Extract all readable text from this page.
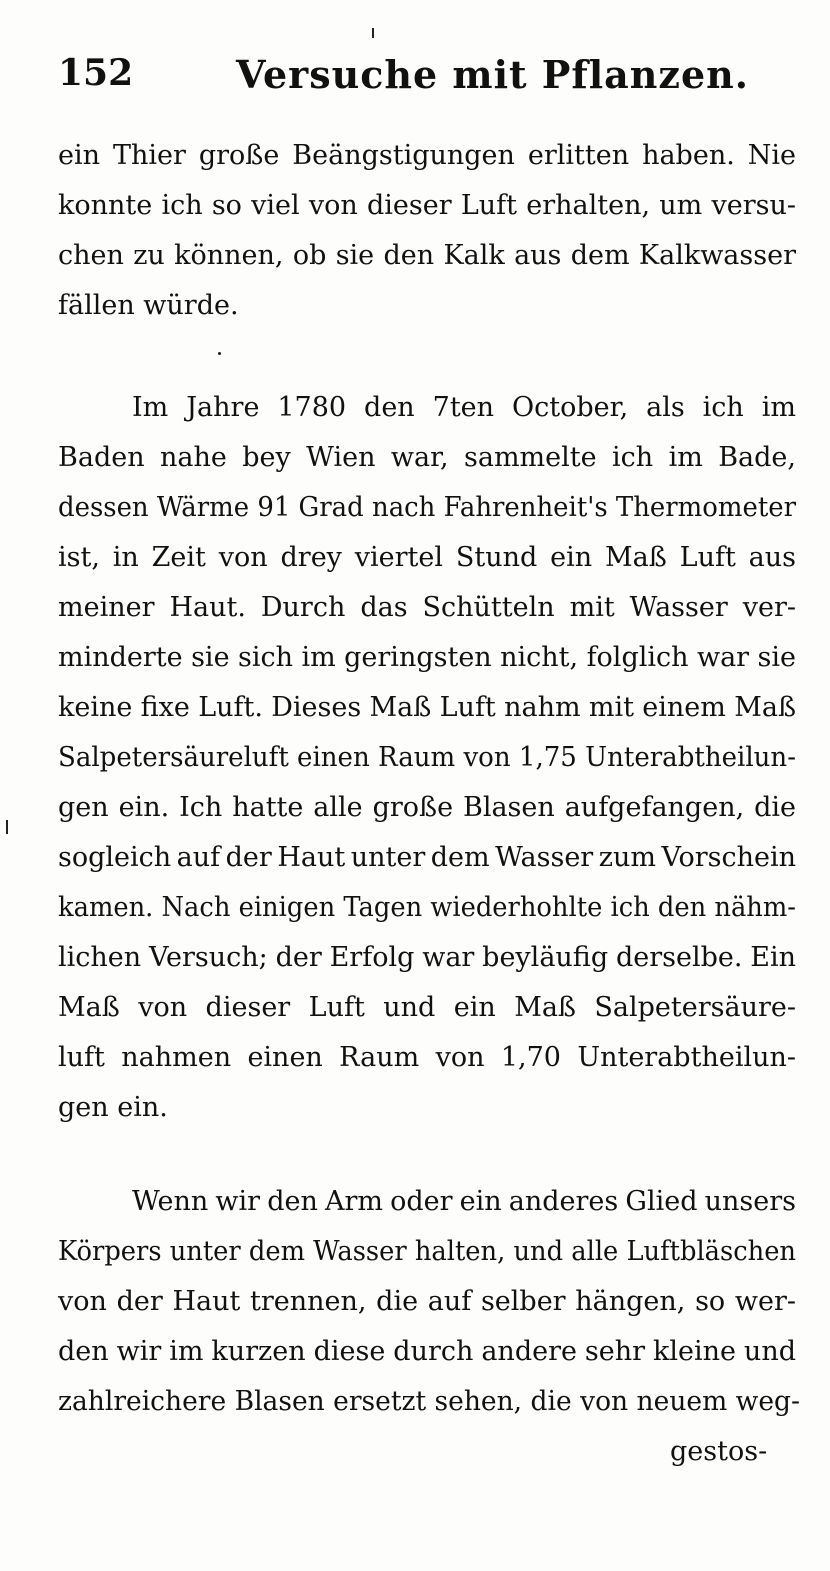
152	Versuche mit Pflanzen.
ein Thier große Beängstigungen erlitten haben. Nie
konnte ich so viel von dieser Luft erhalten, um versu-
chen zu können, ob sie den Kalk aus dem Kalkwasser
fällen würde.
Im Jahre 1780 den 7ten October, als ich im
Baden nahe bey Wien war, sammelte ich im Bade,
dessen Wärme 91 Grad nach Fahrenheit's Thermometer
ist, in Zeit von drey viertel Stund ein Maß Luft aus
meiner Haut. Durch das Schütteln mit Wasser ver-
minderte sie sich im geringsten nicht, folglich war sie
keine fixe Luft. Dieses Maß Luft nahm mit einem Maß
Salpetersäureluft einen Raum von 1,75 Unterabtheilun-
gen ein. Ich hatte alle große Blasen aufgefangen, die
sogleich auf der Haut unter dem Wasser zum Vorschein
kamen. Nach einigen Tagen wiederhohlte ich den nähm-
lichen Versuch; der Erfolg war beyläufig derselbe. Ein
Maß von dieser Luft und ein Maß Salpetersäure-
luft nahmen einen Raum von 1,70 Unterabtheilun-
gen ein.
Wenn wir den Arm oder ein anderes Glied unsers
Körpers unter dem Wasser halten, und alle Luftbläschen
von der Haut trennen, die auf selber hängen, so wer-
den wir im kurzen diese durch andere sehr kleine und
zahlreichere Blasen ersetzt sehen, die von neuem weg-
gestos-
